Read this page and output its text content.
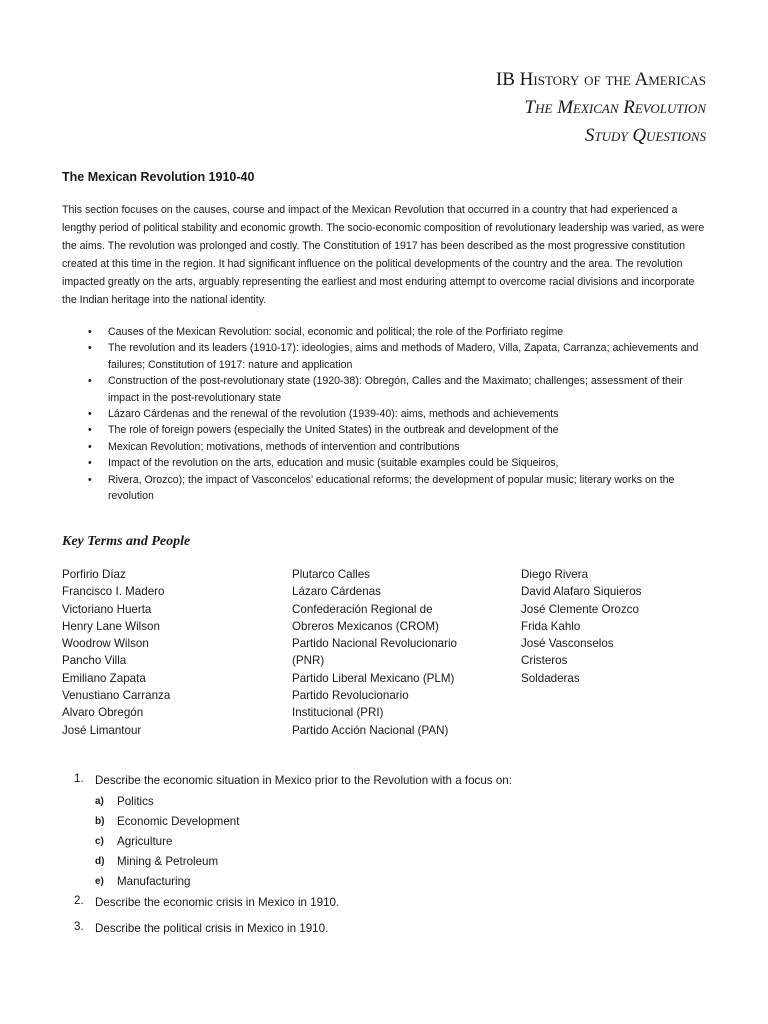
IB History of the Americas
The Mexican Revolution
Study Questions
The Mexican Revolution 1910-40

This section focuses on the causes, course and impact of the Mexican Revolution that occurred in a country that had experienced a lengthy period of political stability and economic growth. The socio-economic composition of revolutionary leadership was varied, as were the aims. The revolution was prolonged and costly. The Constitution of 1917 has been described as the most progressive constitution created at this time in the region. It had significant influence on the political developments of the country and the area. The revolution impacted greatly on the arts, arguably representing the earliest and most enduring attempt to overcome racial divisions and incorporate the Indian heritage into the national identity.

• Causes of the Mexican Revolution: social, economic and political; the role of the Porfiriato regime
• The revolution and its leaders (1910-17): ideologies, aims and methods of Madero, Villa, Zapata, Carranza; achievements and failures; Constitution of 1917: nature and application
• Construction of the post-revolutionary state (1920-38): Obregón, Calles and the Maximato; challenges; assessment of their impact in the post-revolutionary state
• Lázaro Cárdenas and the renewal of the revolution (1939-40): aims, methods and achievements
• The role of foreign powers (especially the United States) in the outbreak and development of the
• Mexican Revolution; motivations, methods of intervention and contributions
• Impact of the revolution on the arts, education and music (suitable examples could be Siqueiros,
• Rivera, Orozco); the impact of Vasconcelos’ educational reforms; the development of popular music; literary works on the revolution
Key Terms and People
Porfirio Díaz
Francisco I. Madero
Victoriano Huerta
Henry Lane Wilson
Woodrow Wilson
Pancho Villa
Emiliano Zapata
Venustiano Carranza
Alvaro Obregón
José Limantour
Plutarco Calles
Lázaro Cárdenas
Confederación Regional de
Obreros Mexicanos (CROM)
Partido Nacional Revolucionario
(PNR)
Partido Liberal Mexicano (PLM)
Partido Revolucionario
Institucional (PRI)
Partido Acción Nacional (PAN)
Diego Rivera
David Alafaro Siquieros
José Clemente Orozco
Frida Kahlo
José Vasconselos
Cristeros
Soldaderas
1. Describe the economic situation in Mexico prior to the Revolution with a focus on:
a) Politics
b) Economic Development
c) Agriculture
d) Mining & Petroleum
e) Manufacturing
2. Describe the economic crisis in Mexico in 1910.
3. Describe the political crisis in Mexico in 1910.
